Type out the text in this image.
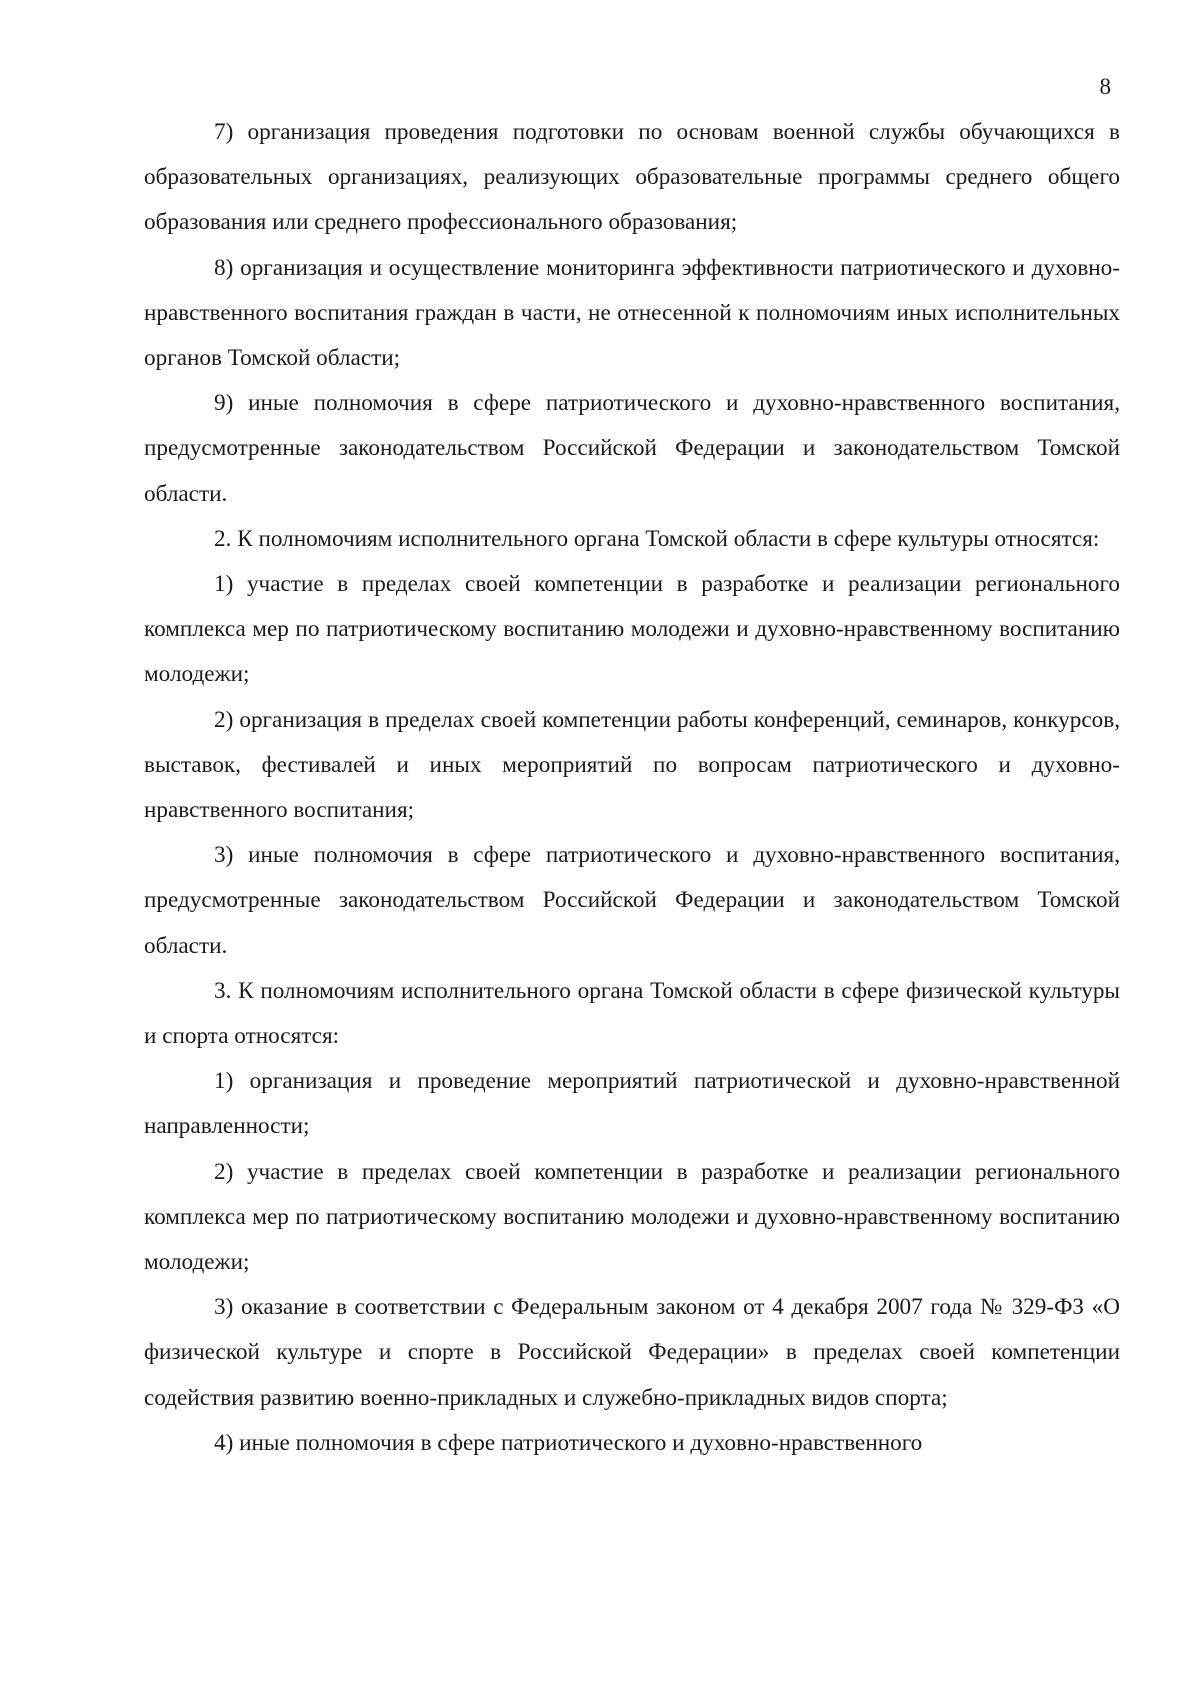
8

7) организация проведения подготовки по основам военной службы обучающихся в образовательных организациях, реализующих образовательные программы среднего общего образования или среднего профессионального образования;

8) организация и осуществление мониторинга эффективности патриотического и духовно-нравственного воспитания граждан в части, не отнесенной к полномочиям иных исполнительных органов Томской области;

9) иные полномочия в сфере патриотического и духовно-нравственного воспитания, предусмотренные законодательством Российской Федерации и законодательством Томской области.

2. К полномочиям исполнительного органа Томской области в сфере культуры относятся:

1) участие в пределах своей компетенции в разработке и реализации регионального комплекса мер по патриотическому воспитанию молодежи и духовно-нравственному воспитанию молодежи;

2) организация в пределах своей компетенции работы конференций, семинаров, конкурсов, выставок, фестивалей и иных мероприятий по вопросам патриотического и духовно-нравственного воспитания;

3) иные полномочия в сфере патриотического и духовно-нравственного воспитания, предусмотренные законодательством Российской Федерации и законодательством Томской области.

3. К полномочиям исполнительного органа Томской области в сфере физической культуры и спорта относятся:

1) организация и проведение мероприятий патриотической и духовно-нравственной направленности;

2) участие в пределах своей компетенции в разработке и реализации регионального комплекса мер по патриотическому воспитанию молодежи и духовно-нравственному воспитанию молодежи;

3) оказание в соответствии с Федеральным законом от 4 декабря 2007 года № 329-ФЗ «О физической культуре и спорте в Российской Федерации» в пределах своей компетенции содействия развитию военно-прикладных и служебно-прикладных видов спорта;

4) иные полномочия в сфере патриотического и духовно-нравственного
